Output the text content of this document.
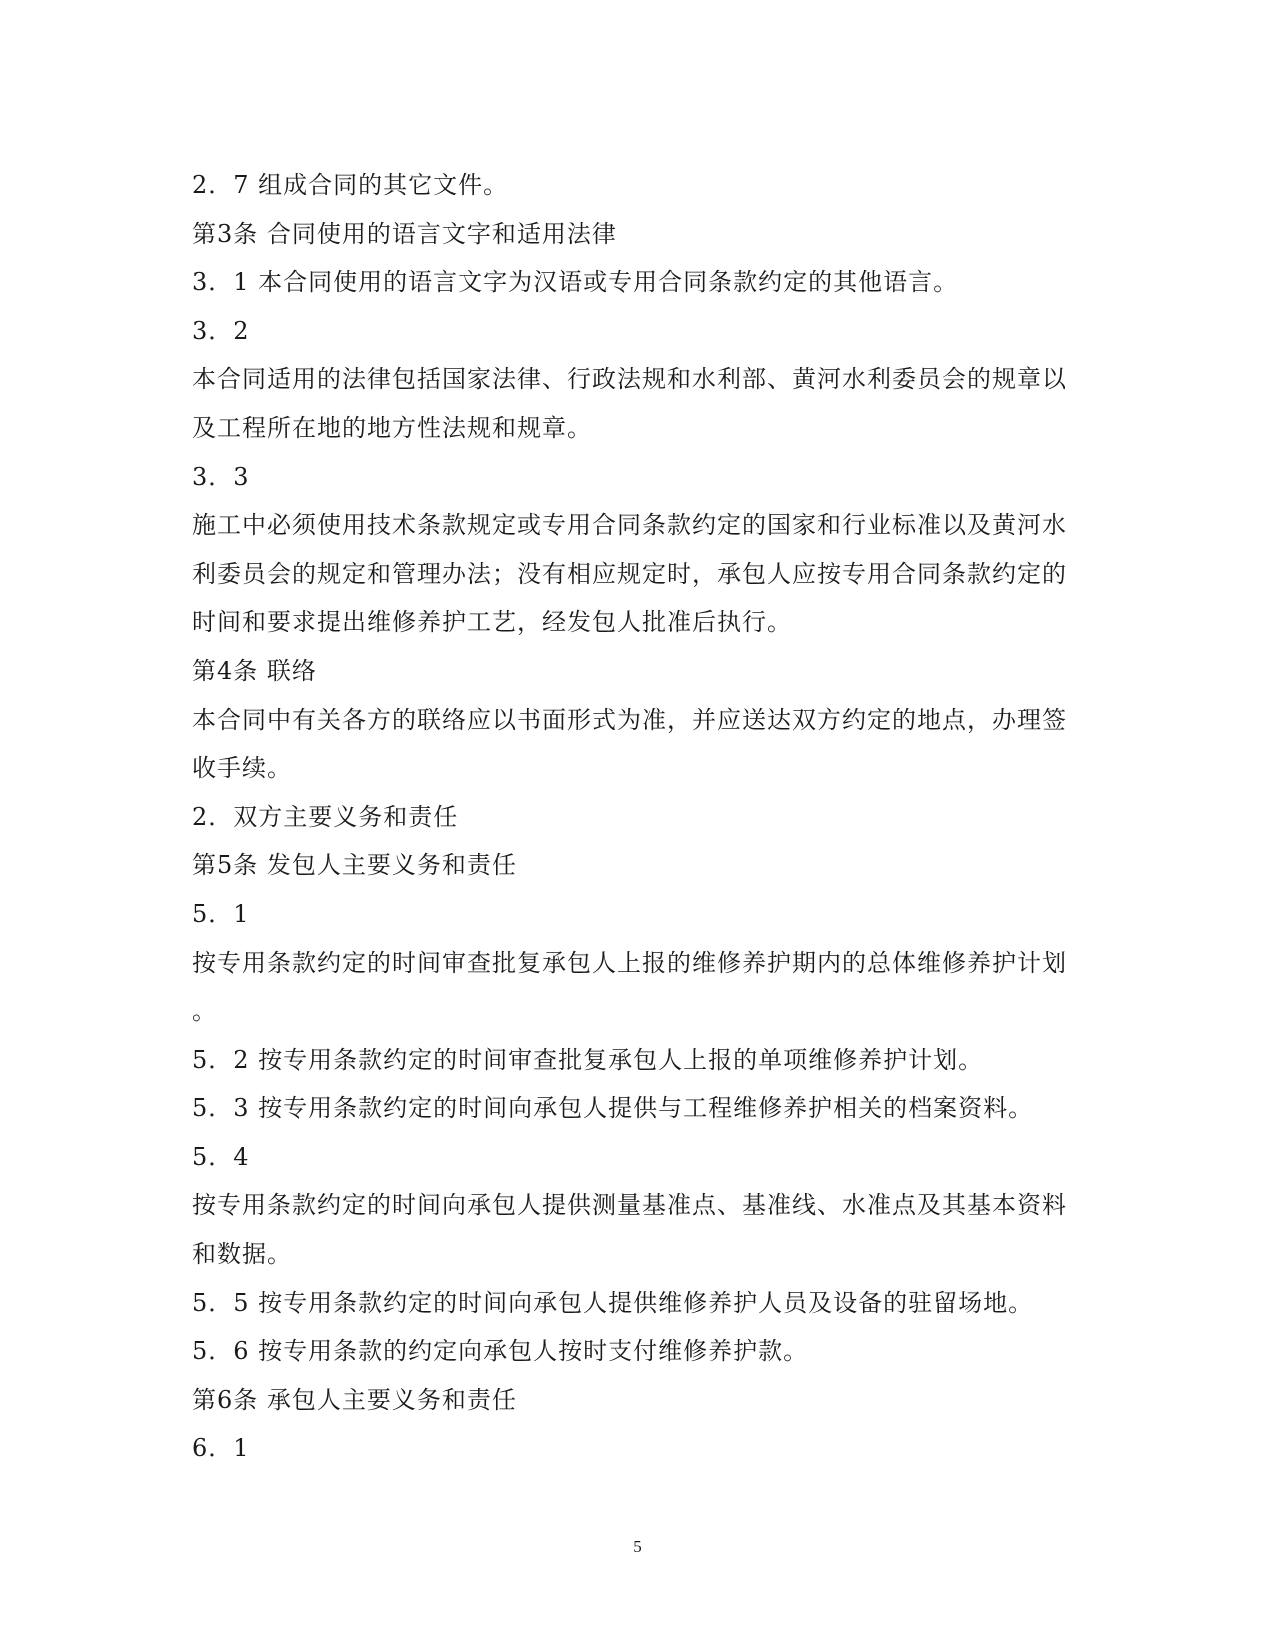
2．7 组成合同的其它文件。
第3条 合同使用的语言文字和适用法律
3．1 本合同使用的语言文字为汉语或专用合同条款约定的其他语言。
3．2
本合同适用的法律包括国家法律、行政法规和水利部、黄河水利委员会的规章以
及工程所在地的地方性法规和规章。
3．3
施工中必须使用技术条款规定或专用合同条款约定的国家和行业标准以及黄河水
利委员会的规定和管理办法；没有相应规定时，承包人应按专用合同条款约定的
时间和要求提出维修养护工艺，经发包人批准后执行。
第4条 联络
本合同中有关各方的联络应以书面形式为准，并应送达双方约定的地点，办理签
收手续。
2．双方主要义务和责任
第5条 发包人主要义务和责任
5．1
按专用条款约定的时间审查批复承包人上报的维修养护期内的总体维修养护计划
。
5．2 按专用条款约定的时间审查批复承包人上报的单项维修养护计划。
5．3 按专用条款约定的时间向承包人提供与工程维修养护相关的档案资料。
5．4
按专用条款约定的时间向承包人提供测量基准点、基准线、水准点及其基本资料
和数据。
5．5 按专用条款约定的时间向承包人提供维修养护人员及设备的驻留场地。
5．6 按专用条款的约定向承包人按时支付维修养护款。
第6条 承包人主要义务和责任
6．1
5
